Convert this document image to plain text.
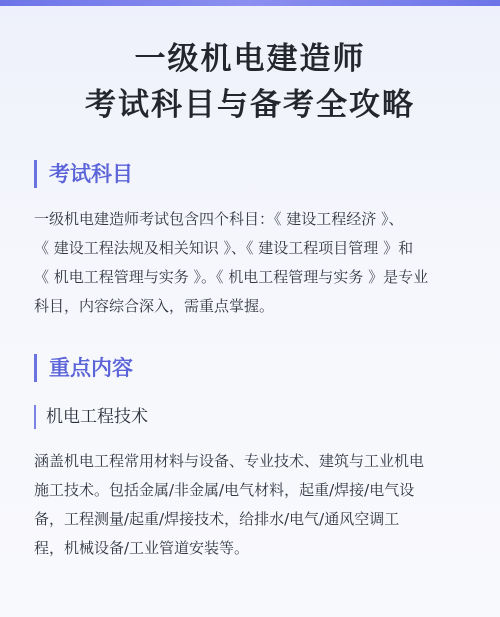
一级机电建造师
考试科目与备考全攻略
考试科目
一级机电建造师考试包含四个科目：《 建设工程经济 》、
《 建设工程法规及相关知识 》、《 建设工程项目管理 》和
《 机电工程管理与实务 》。《 机电工程管理与实务 》是专业
科目，内容综合深入，需重点掌握。
重点内容
机电工程技术
涵盖机电工程常用材料与设备、专业技术、建筑与工业机电
施工技术。包括金属/非金属/电气材料，起重/焊接/电气设
备，工程测量/起重/焊接技术，给排水/电气/通风空调工
程，机械设备/工业管道安装等。
